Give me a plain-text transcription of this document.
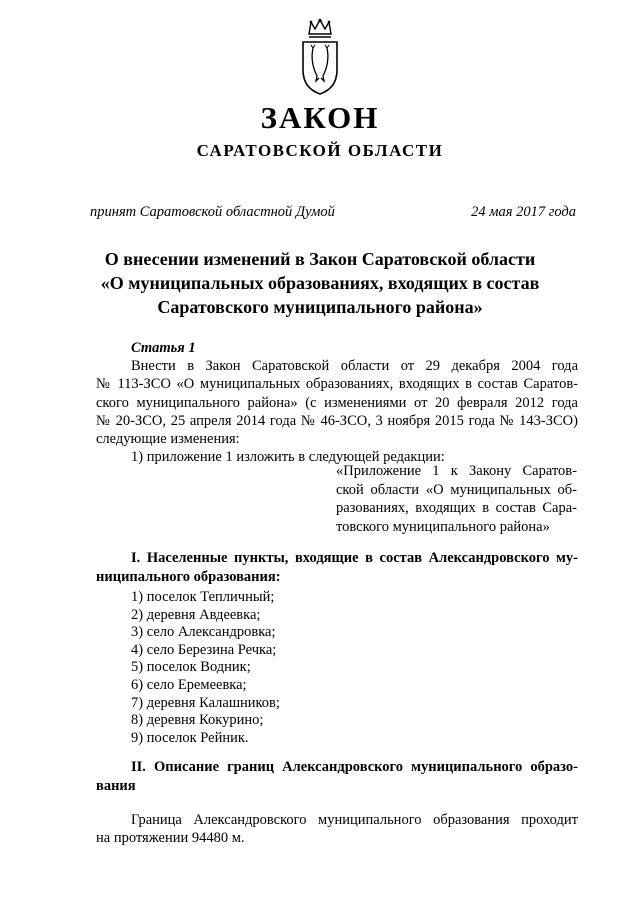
ЗАКОН
САРАТОВСКОЙ ОБЛАСТИ
принят Саратовской областной Думой	24 мая 2017 года
О внесении изменений в Закон Саратовской области
«О муниципальных образованиях, входящих в состав
Саратовского муниципального района»
Статья 1
Внести в Закон Саратовской области от 29 декабря 2004 года
№ 113-ЗСО «О муниципальных образованиях, входящих в состав Саратов-
ского муниципального района» (с изменениями от 20 февраля 2012 года
№ 20-ЗСО, 25 апреля 2014 года № 46-ЗСО, 3 ноября 2015 года № 143-ЗСО)
следующие изменения:
1) приложение 1 изложить в следующей редакции:
«Приложение 1 к Закону Саратов-
ской области «О муниципальных об-
разованиях, входящих в состав Сара-
товского муниципального района»
I. Населенные пункты, входящие в состав Александровского му-
ниципального образования:
1) поселок Тепличный;
2) деревня Авдеевка;
3) село Александровка;
4) село Березина Речка;
5) поселок Водник;
6) село Еремеевка;
7) деревня Калашников;
8) деревня Кокурино;
9) поселок Рейник.
II. Описание границ Александровского муниципального образо-
вания
Граница Александровского муниципального образования проходит
на протяжении 94480 м.
